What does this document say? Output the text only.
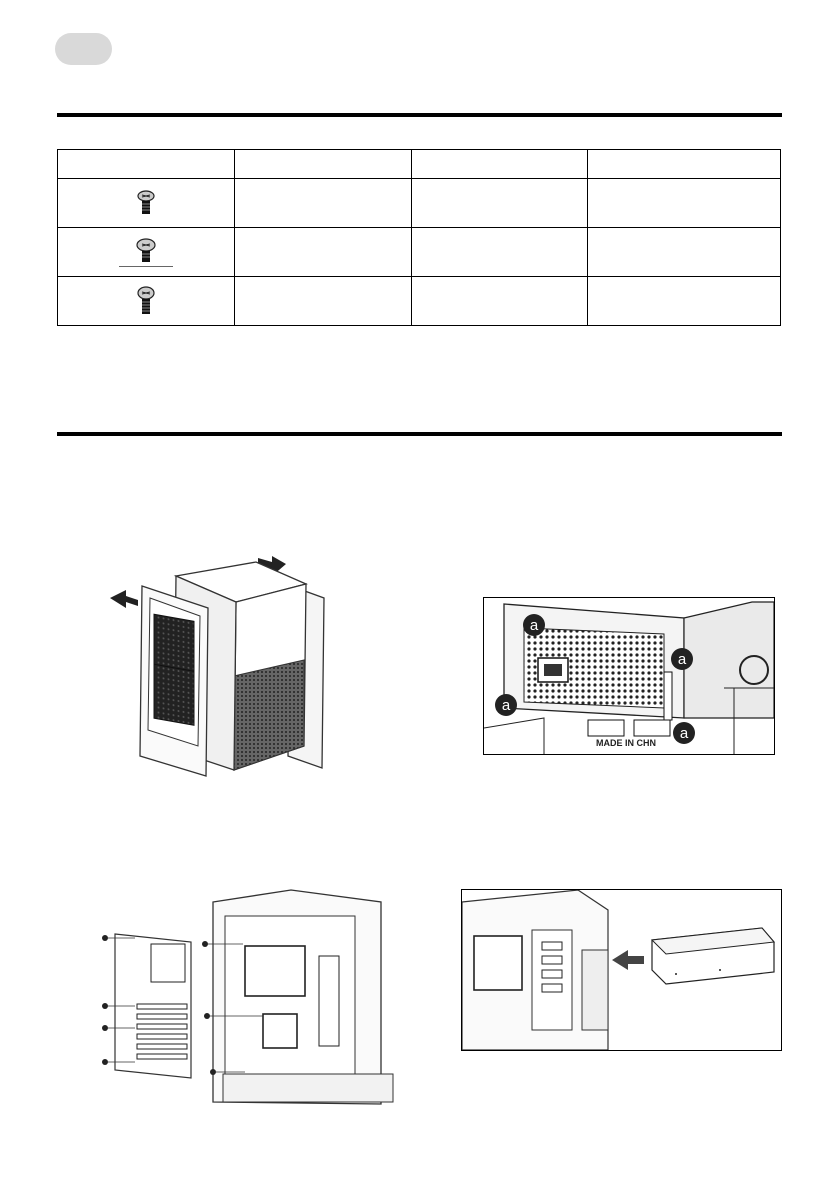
MADE IN CHN
a
a
a
a
